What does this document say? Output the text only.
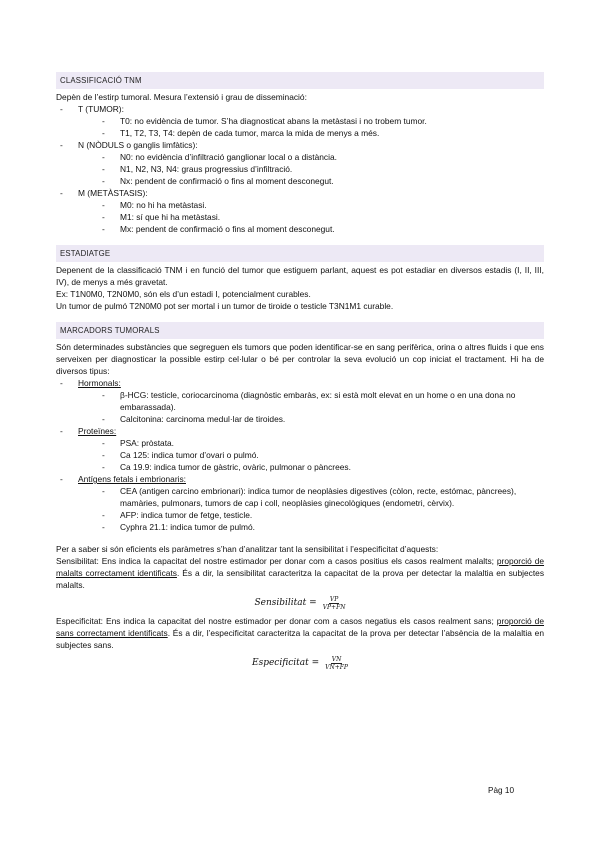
CLASSIFICACIÓ TNM

Depèn de l’estirp tumoral. Mesura l’extensió i grau de disseminació:

- T (TUMOR):
- T0: no evidència de tumor. S’ha diagnosticat abans la metàstasi i no trobem tumor.
- T1, T2, T3, T4: depèn de cada tumor, marca la mida de menys a més.
- N (NÒDULS o ganglis limfàtics):
- N0: no evidència d’infiltració ganglionar local o a distància.
- N1, N2, N3, N4: graus progressius d’infiltració.
- Nx: pendent de confirmació o fins al moment desconegut.
- M (METÀSTASIS):
- M0: no hi ha metàstasi.
- M1: sí que hi ha metàstasi.
- Mx: pendent de confirmació o fins al moment desconegut.
ESTADIATGE

Depenent de la classificació TNM i en funció del tumor que estiguem parlant, aquest es pot estadiar en diversos estadis (I, II, III, IV), de menys a més gravetat.

Ex: T1N0M0, T2N0M0, són els d’un estadi I, potencialment curables.

Un tumor de pulmó T2N0M0 pot ser mortal i un tumor de tiroide o testicle T3N1M1 curable.

MARCADORS TUMORALS

Són determinades substàncies que segreguen els tumors que poden identificar-se en sang perifèrica, orina o altres fluids i que ens serveixen per diagnosticar la possible estirp cel·lular o bé per controlar la seva evolució un cop iniciat el tractament. Hi ha de diversos tipus:

- Hormonals:
- β-HCG: testicle, coriocarcinoma (diagnòstic embaràs, ex: si està molt elevat en un home o en una dona no embarassada).
- Calcitonina: carcinoma medul·lar de tiroides.
- Proteïnes:
- PSA: pròstata.
- Ca 125: indica tumor d’ovari o pulmó.
- Ca 19.9: indica tumor de gàstric, ovàric, pulmonar o pàncrees.
- Antígens fetals i embrionaris:
- CEA (antigen carcino embrionari): indica tumor de neoplàsies digestives (còlon, recte, estómac, pàncrees), mamàries, pulmonars, tumors de cap i coll, neoplàsies ginecològiques (endometri, cèrvix).
- AFP: indica tumor de fetge, testicle.
- Cyphra 21.1: indica tumor de pulmó.

Per a saber si són eficients els paràmetres s’han d’analitzar tant la sensibilitat i l’especificitat d’aquests:

Sensibilitat: Ens indica la capacitat del nostre estimador per donar com a casos positius els casos realment malalts; proporció de malalts correctament identificats. És a dir, la sensibilitat caracteritza la capacitat de la prova per detectar la malaltia en subjectes malalts.

Sensibilitat = $\frac{VP}{VP+FN}$

Especificitat: Ens indica la capacitat del nostre estimador per donar com a casos negatius els casos realment sans; proporció de sans correctament identificats. És a dir, l’especificitat caracteritza la capacitat de la prova per detectar l’absència de la malaltia en subjectes sans.

Especificitat = $\frac{VN}{VN+FP}$
Pàg 10
